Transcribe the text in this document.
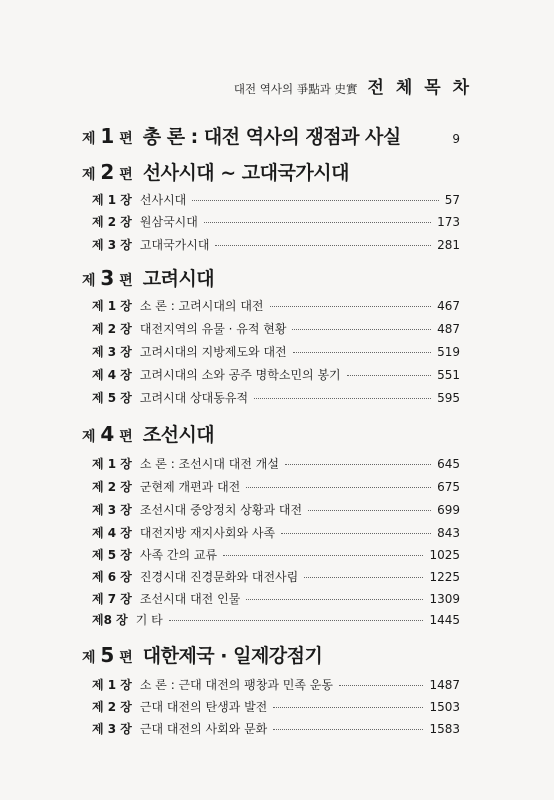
대전 역사의 爭點과 史實 전 체 목 차
제 1 편 총 론 : 대전 역사의 쟁점과 사실	9
제 2 편 선사시대 ~ 고대국가시대
제 1 장 선사시대	57
제 2 장 원삼국시대	173
제 3 장 고대국가시대	281
제 3 편 고려시대
제 1 장 소 론 : 고려시대의 대전	467
제 2 장 대전지역의 유물 · 유적 현황	487
제 3 장 고려시대의 지방제도와 대전	519
제 4 장 고려시대의 소와 공주 명학소민의 봉기	551
제 5 장 고려시대 상대동유적	595
제 4 편 조선시대
제 1 장 소 론 : 조선시대 대전 개설	645
제 2 장 군현제 개편과 대전	675
제 3 장 조선시대 중앙정치 상황과 대전	699
제 4 장 대전지방 재지사회와 사족	843
제 5 장 사족 간의 교류	1025
제 6 장 진경시대 진경문화와 대전사림	1225
제 7 장 조선시대 대전 인물	1309
제8 장 기 타	1445
제 5 편 대한제국 · 일제강점기
제 1 장 소 론 : 근대 대전의 팽창과 민족 운동	1487
제 2 장 근대 대전의 탄생과 발전	1503
제 3 장 근대 대전의 사회와 문화	1583
